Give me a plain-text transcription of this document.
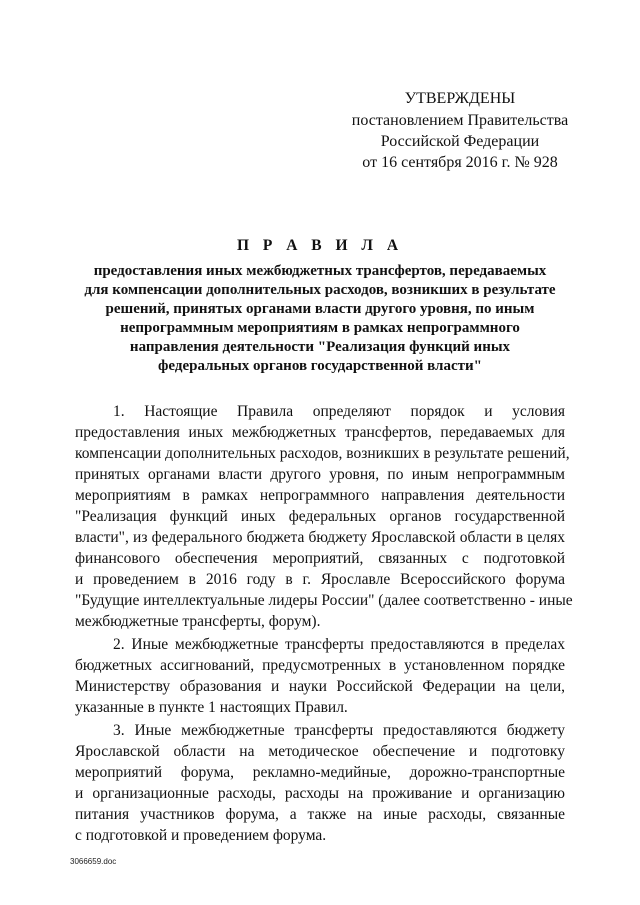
УТВЕРЖДЕНЫ
постановлением Правительства
Российской Федерации
от 16 сентября 2016 г. № 928
П Р А В И Л А
предоставления иных межбюджетных трансфертов, передаваемых
для компенсации дополнительных расходов, возникших в результате
решений, принятых органами власти другого уровня, по иным
непрограммным мероприятиям в рамках непрограммного
направления деятельности "Реализация функций иных
федеральных органов государственной власти"
1. Настоящие Правила определяют порядок и условия
предоставления иных межбюджетных трансфертов, передаваемых для
компенсации дополнительных расходов, возникших в результате решений,
принятых органами власти другого уровня, по иным непрограммным
мероприятиям в рамках непрограммного направления деятельности
"Реализация функций иных федеральных органов государственной
власти", из федерального бюджета бюджету Ярославской области в целях
финансового обеспечения мероприятий, связанных с подготовкой
и проведением в 2016 году в г. Ярославле Всероссийского форума
"Будущие интеллектуальные лидеры России" (далее соответственно - иные
межбюджетные трансферты, форум).
2. Иные межбюджетные трансферты предоставляются в пределах
бюджетных ассигнований, предусмотренных в установленном порядке
Министерству образования и науки Российской Федерации на цели,
указанные в пункте 1 настоящих Правил.
3. Иные межбюджетные трансферты предоставляются бюджету
Ярославской области на методическое обеспечение и подготовку
мероприятий форума, рекламно-медийные, дорожно-транспортные
и организационные расходы, расходы на проживание и организацию
питания участников форума, а также на иные расходы, связанные
с подготовкой и проведением форума.
3066659.doc
